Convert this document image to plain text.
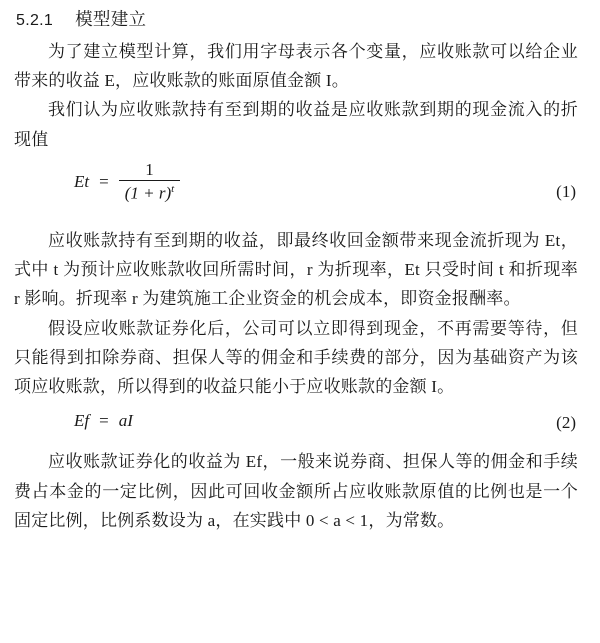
5.2.1 模型建立

为了建立模型计算，我们用字母表示各个变量，应收账款可以给企业带来的收益 E，应收账款的账面原值金额 I。

我们认为应收账款持有至到期的收益是应收账款到期的现金流入的折现值

$Et = \frac{1}{(1 + r)^t}$	(1)

应收账款持有至到期的收益，即最终收回金额带来现金流折现为 Et，式中 t 为预计应收账款收回所需时间，r 为折现率，Et 只受时间 t 和折现率 r 影响。折现率 r 为建筑施工企业资金的机会成本，即资金报酬率。

假设应收账款证券化后，公司可以立即得到现金，不再需要等待，但只能得到扣除券商、担保人等的佣金和手续费的部分，因为基础资产为该项应收账款，所以得到的收益只能小于应收账款的金额 I。

Ef = aI	(2)

应收账款证券化的收益为 Ef，一般来说券商、担保人等的佣金和手续费占本金的一定比例，因此可回收金额所占应收账款原值的比例也是一个固定比例，比例系数设为 a，在实践中 0 < a < 1，为常数。
